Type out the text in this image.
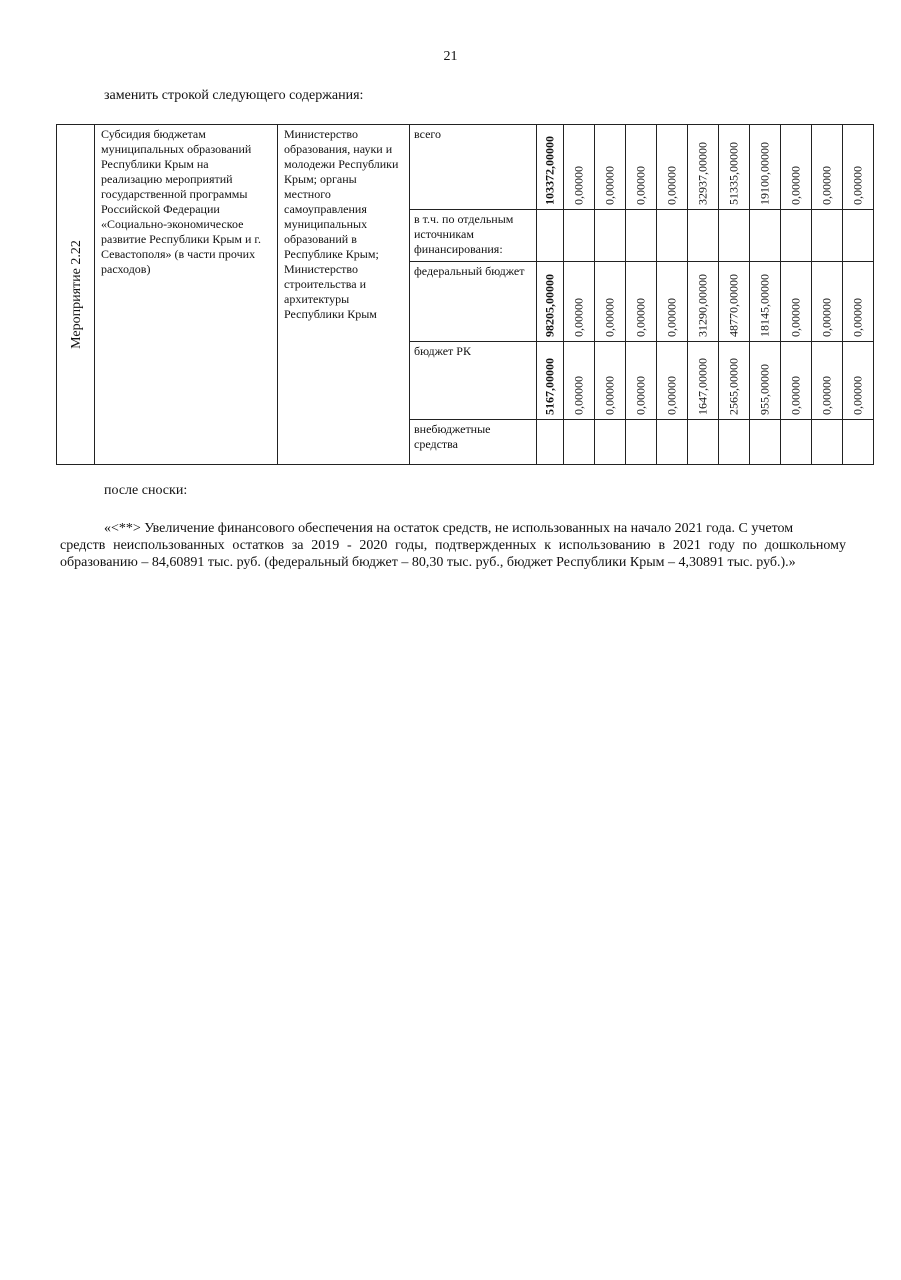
21
заменить строкой следующего содержания:
Мероприятие 2.22	Субсидия бюджетам муниципальных образований Республики Крым на реализацию мероприятий государственной программы Российской Федерации «Социально-экономическое развитие Республики Крым и г. Севастополя» (в части прочих расходов)	Министерство образования, науки и молодежи Республики Крым; органы местного самоуправления муниципальных образований в Республике Крым; Министерство строительства и архитектуры Республики Крым	всего	103372,00000	0,00000	0,00000	0,00000	0,00000	32937,00000	51335,00000	19100,00000	0,00000	0,00000	0,00000

			в т.ч. по отдельным источникам финансирования:	

			федеральный бюджет	98205,00000	0,00000	0,00000	0,00000	0,00000	31290,00000	48770,00000	18145,00000	0,00000	0,00000	0,00000

			бюджет РК	5167,00000	0,00000	0,00000	0,00000	0,00000	1647,00000	2565,00000	955,00000	0,00000	0,00000	0,00000

			внебюджетные средства	

после сноски:
«<**> Увеличение финансового обеспечения на остаток средств, не использованных на начало 2021 года. С учетом
средств неиспользованных остатков за 2019 - 2020 годы, подтвержденных к использованию в 2021 году по дошкольному образованию – 84,60891 тыс. руб. (федеральный бюджет – 80,30 тыс. руб., бюджет Республики Крым – 4,30891 тыс. руб.).»
